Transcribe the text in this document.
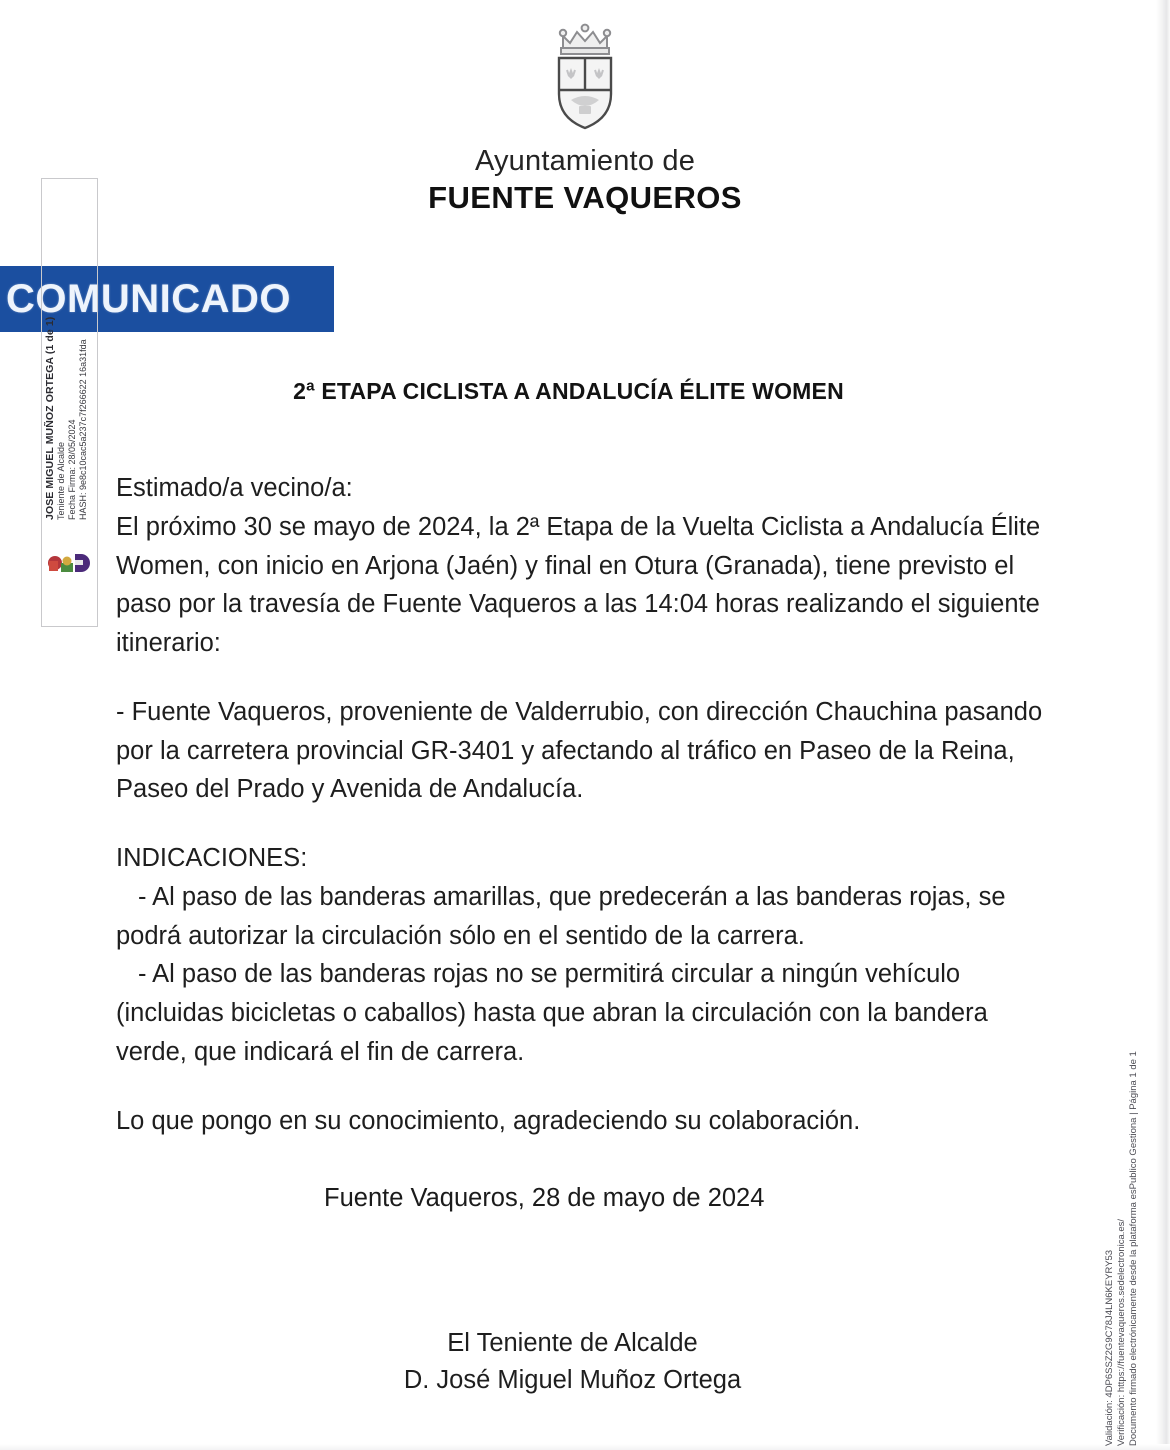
Ayuntamiento de
FUENTE VAQUEROS
COMUNICADO
JOSE MIGUEL MUÑOZ ORTEGA (1 de 1) Teniente de Alcalde Fecha Firma: 28/05/2024 HASH: 9e8c10cac5a237c7f266622 16a31fda	2ª ETAPA CICLISTA A ANDALUCÍA ÉLITE WOMEN

Estimado/a vecino/a:

El próximo 30 se mayo de 2024, la 2ª Etapa de la Vuelta Ciclista a Andalucía Élite Women, con inicio en Arjona (Jaén) y final en Otura (Granada), tiene previsto el paso por la travesía de Fuente Vaqueros a las 14:04 horas realizando el siguiente itinerario:

- Fuente Vaqueros, proveniente de Valderrubio, con dirección Chauchina pasando por la carretera provincial GR-3401 y afectando al tráfico en Paseo de la Reina, Paseo del Prado y Avenida de Andalucía.

INDICACIONES:

- Al paso de las banderas amarillas, que predecerán a las banderas rojas, se podrá autorizar la circulación sólo en el sentido de la carrera.

- Al paso de las banderas rojas no se permitirá circular a ningún vehículo (incluidas bicicletas o caballos) hasta que abran la circulación con la bandera verde, que indicará el fin de carrera.

Lo que pongo en su conocimiento, agradeciendo su colaboración.

Fuente Vaqueros, 28 de mayo de 2024

El Teniente de Alcalde
D. José Miguel Muñoz Ortega	Validación: 4DP6SSZ2G9C78J4LN6KEYRY53 Verificación: https://fuentevaqueros.sedelectronica.es/ Documento firmado electrónicamente desde la plataforma esPublico Gestiona | Página 1 de 1
